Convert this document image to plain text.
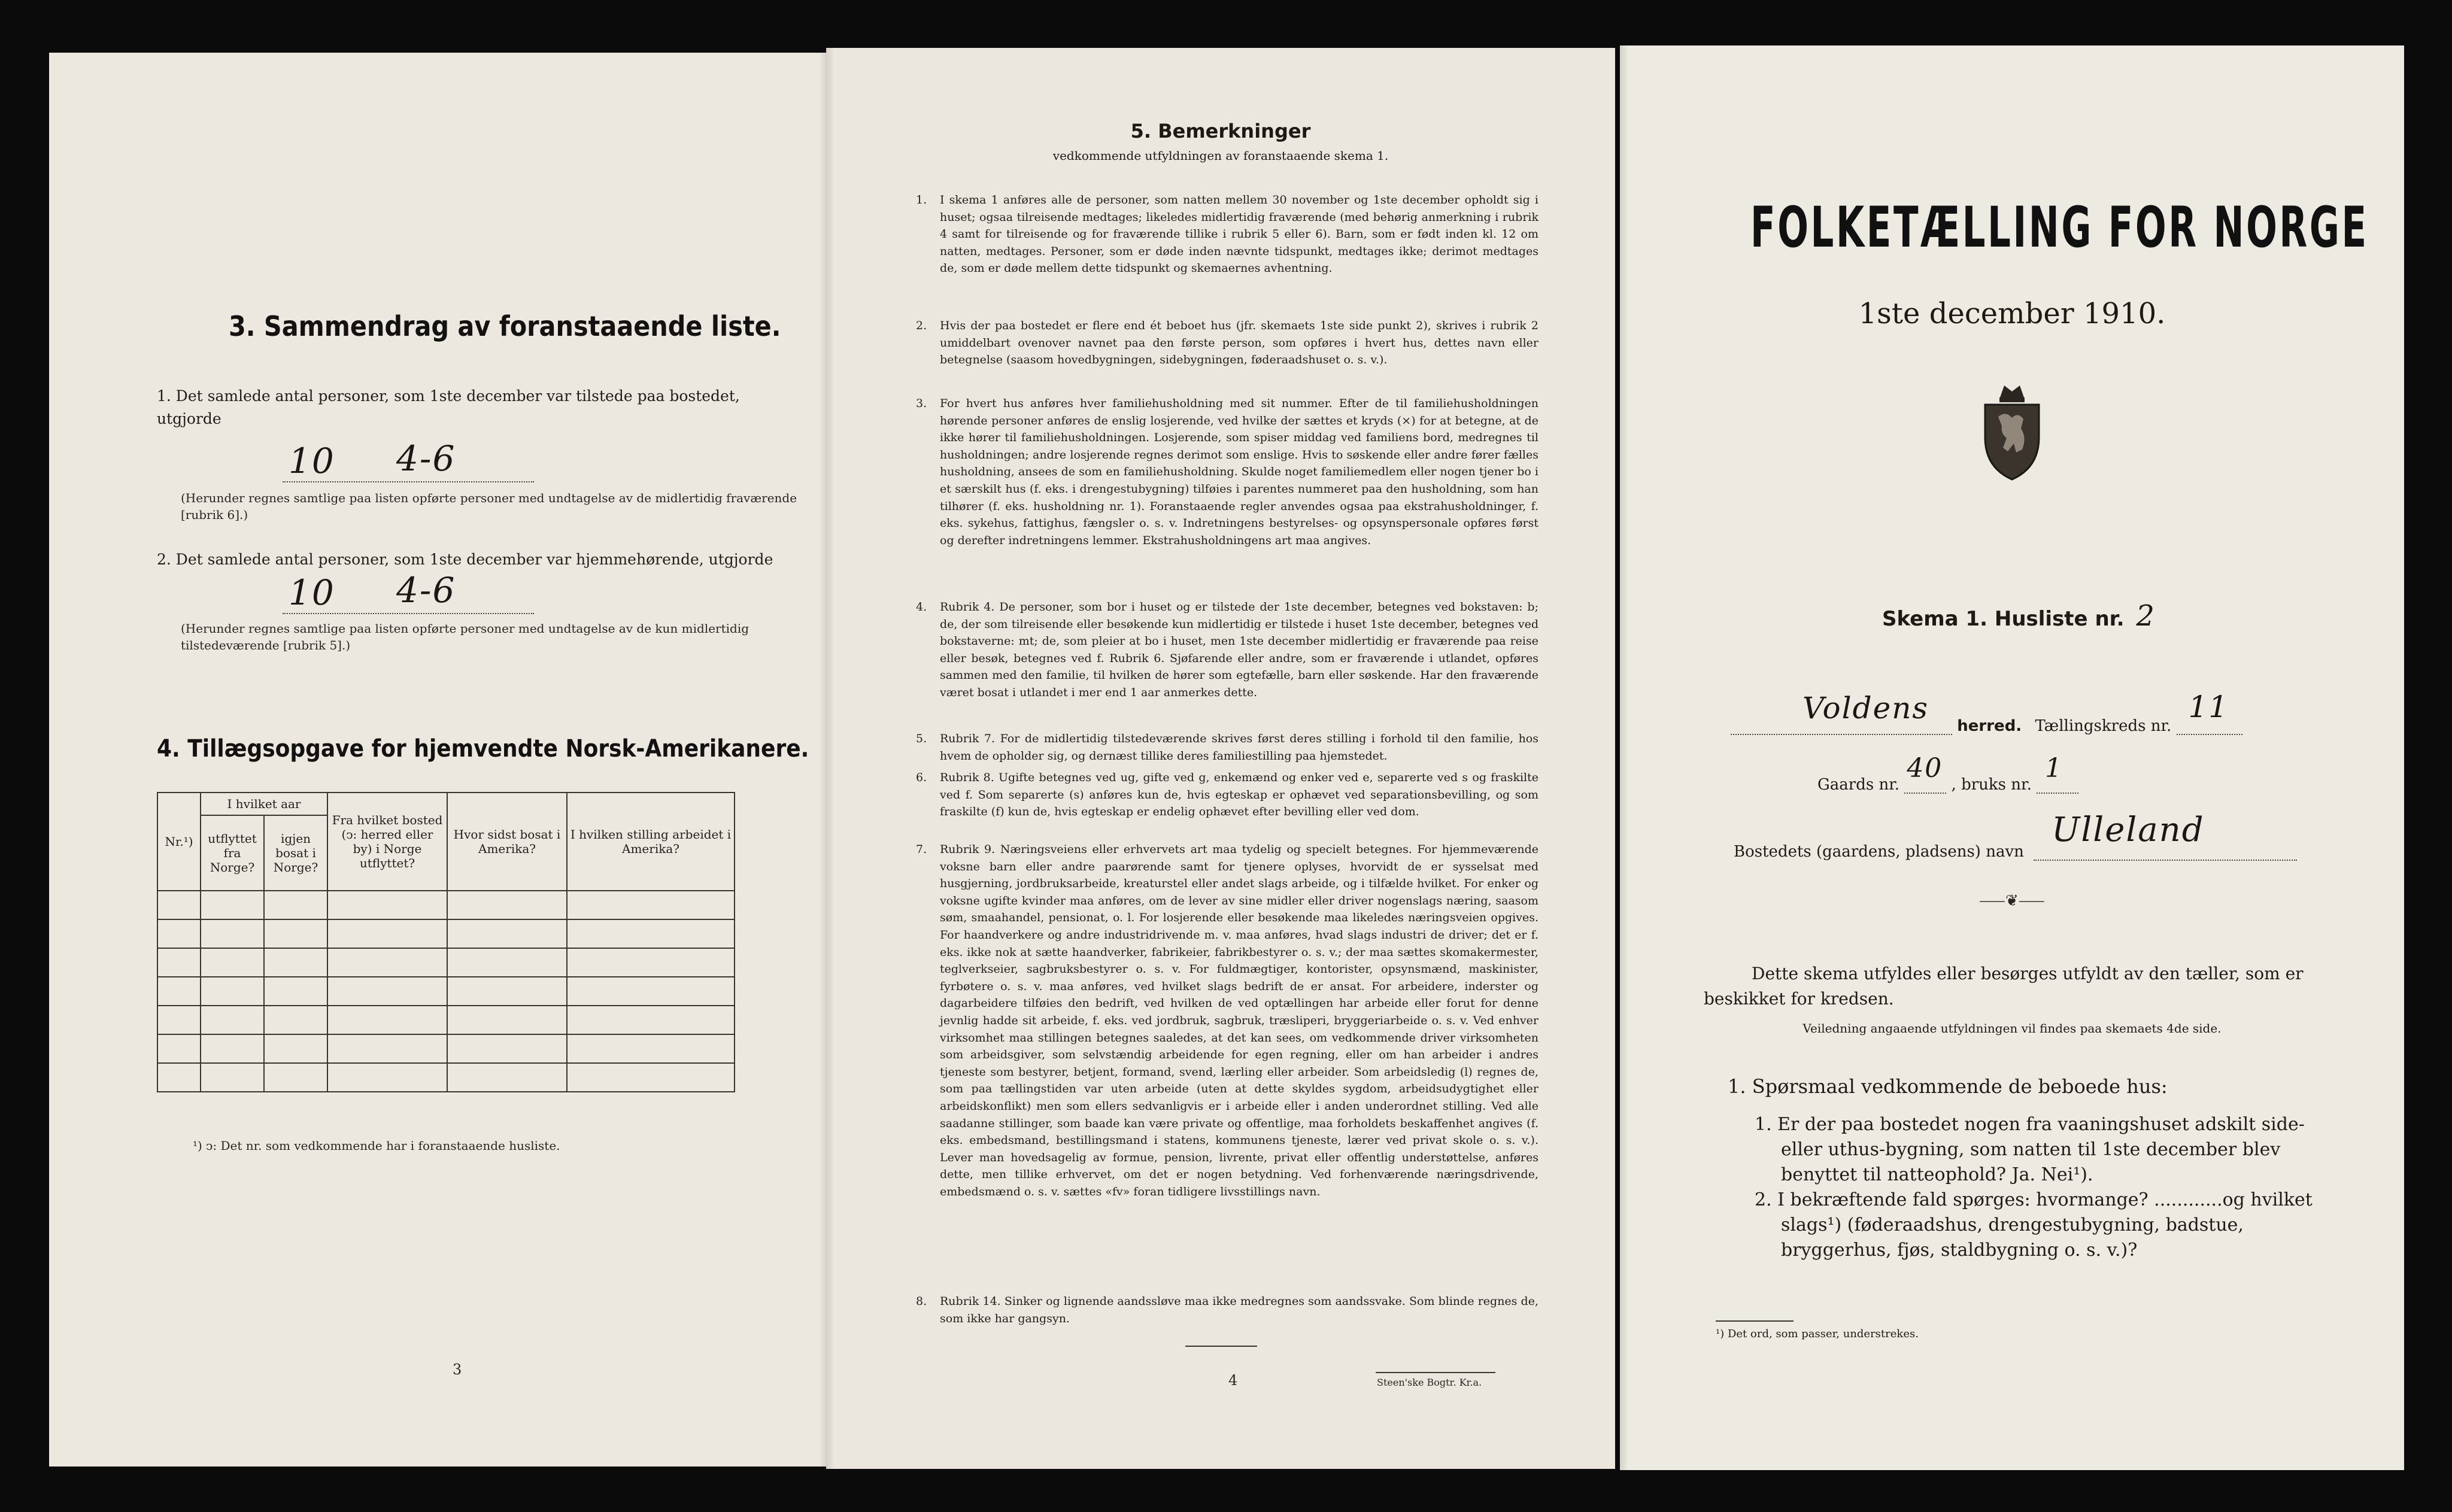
3. Sammendrag av foranstaaende liste.
1. Det samlede antal personer, som 1ste december var tilstede paa bostedet, utgjorde
10 4-6
(Herunder regnes samtlige paa listen opførte personer med undtagelse av de midlertidig fraværende [rubrik 6].)
2. Det samlede antal personer, som 1ste december var hjemmehørende, utgjorde
10 4-6
(Herunder regnes samtlige paa listen opførte personer med undtagelse av de kun midlertidig tilstedeværende [rubrik 5].)
4. Tillægsopgave for hjemvendte Norsk-Amerikanere.
Nr.¹)	I hvilket aar		Fra hvilket bosted (ↄ: herred eller by) i Norge utflyttet?	Hvor sidst bosat i Amerika?	I hvilken stilling arbeidet i Amerika?
	utflyttet fra Norge?	igjen bosat i Norge?			

¹) ↄ: Det nr. som vedkommende har i foranstaaende husliste.
3
5. Bemerkninger
vedkommende utfyldningen av foranstaaende skema 1.
1. I skema 1 anføres alle de personer, som natten mellem 30 november og 1ste december opholdt sig i huset; ogsaa tilreisende medtages; likeledes midlertidig fraværende (med behørig anmerkning i rubrik 4 samt for tilreisende og for fraværende tillike i rubrik 5 eller 6). Barn, som er født inden kl. 12 om natten, medtages. Personer, som er døde inden nævnte tidspunkt, medtages ikke; derimot medtages de, som er døde mellem dette tidspunkt og skemaernes avhentning.
2. Hvis der paa bostedet er flere end ét beboet hus (jfr. skemaets 1ste side punkt 2), skrives i rubrik 2 umiddelbart ovenover navnet paa den første person, som opføres i hvert hus, dettes navn eller betegnelse (saasom hovedbygningen, sidebygningen, føderaadshuset o. s. v.).
3. For hvert hus anføres hver familiehusholdning med sit nummer. Efter de til familiehusholdningen hørende personer anføres de enslig losjerende, ved hvilke der sættes et kryds (×) for at betegne, at de ikke hører til familiehusholdningen. Losjerende, som spiser middag ved familiens bord, medregnes til husholdningen; andre losjerende regnes derimot som enslige. Hvis to søskende eller andre fører fælles husholdning, ansees de som en familiehusholdning. Skulde noget familiemedlem eller nogen tjener bo i et særskilt hus (f. eks. i drengestubygning) tilføies i parentes nummeret paa den husholdning, som han tilhører (f. eks. husholdning nr. 1). Foranstaaende regler anvendes ogsaa paa ekstrahusholdninger, f. eks. sykehus, fattighus, fængsler o. s. v. Indretningens bestyrelses- og opsynspersonale opføres først og derefter indretningens lemmer. Ekstrahusholdningens art maa angives.
4. Rubrik 4. De personer, som bor i huset og er tilstede der 1ste december, betegnes ved bokstaven: b; de, der som tilreisende eller besøkende kun midlertidig er tilstede i huset 1ste december, betegnes ved bokstaverne: mt; de, som pleier at bo i huset, men 1ste december midlertidig er fraværende paa reise eller besøk, betegnes ved f. Rubrik 6. Sjøfarende eller andre, som er fraværende i utlandet, opføres sammen med den familie, til hvilken de hører som egtefælle, barn eller søskende. Har den fraværende været bosat i utlandet i mer end 1 aar anmerkes dette.
5. Rubrik 7. For de midlertidig tilstedeværende skrives først deres stilling i forhold til den familie, hos hvem de opholder sig, og dernæst tillike deres familiestilling paa hjemstedet.
6. Rubrik 8. Ugifte betegnes ved ug, gifte ved g, enkemænd og enker ved e, separerte ved s og fraskilte ved f. Som separerte (s) anføres kun de, hvis egteskap er ophævet ved separationsbevilling, og som fraskilte (f) kun de, hvis egteskap er endelig ophævet efter bevilling eller ved dom.
7. Rubrik 9. Næringsveiens eller erhvervets art maa tydelig og specielt betegnes. For hjemmeværende voksne barn eller andre paarørende samt for tjenere oplyses, hvorvidt de er sysselsat med husgjerning, jordbruksarbeide, kreaturstel eller andet slags arbeide, og i tilfælde hvilket. For enker og voksne ugifte kvinder maa anføres, om de lever av sine midler eller driver nogenslags næring, saasom søm, smaahandel, pensionat, o. l. For losjerende eller besøkende maa likeledes næringsveien opgives. For haandverkere og andre industridrivende m. v. maa anføres, hvad slags industri de driver; det er f. eks. ikke nok at sætte haandverker, fabrikeier, fabrikbestyrer o. s. v.; der maa sættes skomakermester, teglverkseier, sagbruksbestyrer o. s. v. For fuldmægtiger, kontorister, opsynsmænd, maskinister, fyrbøtere o. s. v. maa anføres, ved hvilket slags bedrift de er ansat. For arbeidere, inderster og dagarbeidere tilføies den bedrift, ved hvilken de ved optællingen har arbeide eller forut for denne jevnlig hadde sit arbeide, f. eks. ved jordbruk, sagbruk, træsliperi, bryggeriarbeide o. s. v. Ved enhver virksomhet maa stillingen betegnes saaledes, at det kan sees, om vedkommende driver virksomheten som arbeidsgiver, som selvstændig arbeidende for egen regning, eller om han arbeider i andres tjeneste som bestyrer, betjent, formand, svend, lærling eller arbeider. Som arbeidsledig (l) regnes de, som paa tællingstiden var uten arbeide (uten at dette skyldes sygdom, arbeidsudygtighet eller arbeidskonflikt) men som ellers sedvanligvis er i arbeide eller i anden underordnet stilling. Ved alle saadanne stillinger, som baade kan være private og offentlige, maa forholdets beskaffenhet angives (f. eks. embedsmand, bestillingsmand i statens, kommunens tjeneste, lærer ved privat skole o. s. v.). Lever man hovedsagelig av formue, pension, livrente, privat eller offentlig understøttelse, anføres dette, men tillike erhvervet, om det er nogen betydning. Ved forhenværende næringsdrivende, embedsmænd o. s. v. sættes «fv» foran tidligere livsstillings navn.
8. Rubrik 14. Sinker og lignende aandssløve maa ikke medregnes som aandssvake. Som blinde regnes de, som ikke har gangsyn.
4	Steen'ske Bogtr. Kr.a.
FOLKETÆLLING FOR NORGE
1ste december 1910.
Skema 1. Husliste nr. 2
Voldens
herred. Tællingskreds nr.
11
Gaards nr.
40
, bruks nr.
1
Bostedets (gaardens, pladsens) navn
Ulleland
⸺❦⸺
Dette skema utfyldes eller besørges utfyldt av den tæller, som er beskikket for kredsen.
Veiledning angaaende utfyldningen vil findes paa skemaets 4de side.
1. Spørsmaal vedkommende de beboede hus:
1. Er der paa bostedet nogen fra vaaningshuset adskilt side- eller uthus-bygning, som natten til 1ste december blev benyttet til natteophold? Ja. Nei¹).
2. I bekræftende fald spørges: hvormange? ............og hvilket slags¹) (føderaadshus, drengestubygning, badstue, bryggerhus, fjøs, staldbygning o. s. v.)?
¹) Det ord, som passer, understrekes.
